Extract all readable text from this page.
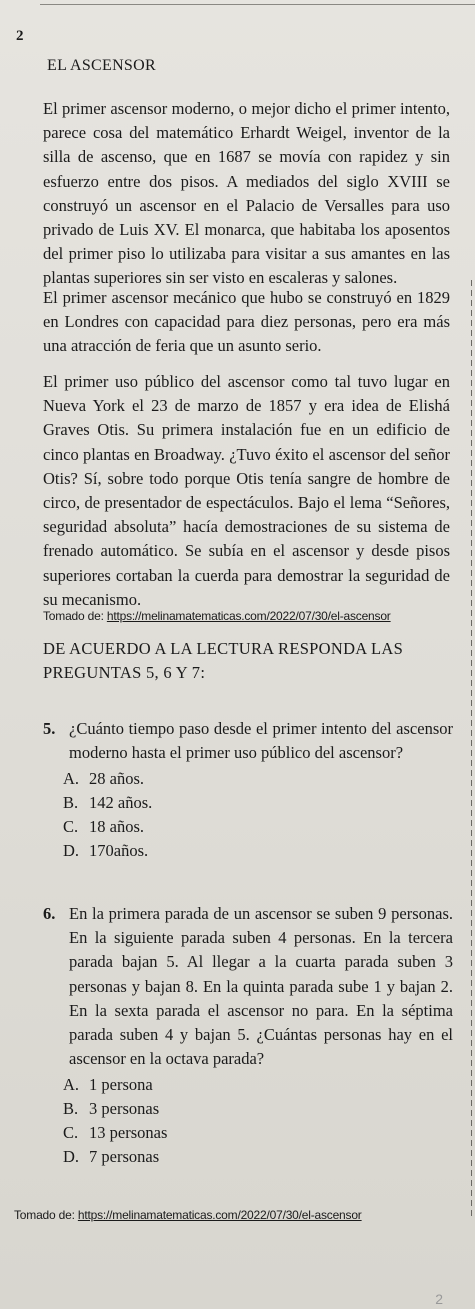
2
EL ASCENSOR
El primer ascensor moderno, o mejor dicho el primer intento, parece cosa del matemático Erhardt Weigel, inventor de la silla de ascenso, que en 1687 se movía con rapidez y sin esfuerzo entre dos pisos. A mediados del siglo XVIII se construyó un ascensor en el Palacio de Versalles para uso privado de Luis XV. El monarca, que habitaba los aposentos del primer piso lo utilizaba para visitar a sus amantes en las plantas superiores sin ser visto en escaleras y salones.
El primer ascensor mecánico que hubo se construyó en 1829 en Londres con capacidad para diez personas, pero era más una atracción de feria que un asunto serio.
El primer uso público del ascensor como tal tuvo lugar en Nueva York el 23 de marzo de 1857 y era idea de Elishá Graves Otis. Su primera instalación fue en un edificio de cinco plantas en Broadway. ¿Tuvo éxito el ascensor del señor Otis? Sí, sobre todo porque Otis tenía sangre de hombre de circo, de presentador de espectáculos. Bajo el lema “Señores, seguridad absoluta” hacía demostraciones de su sistema de frenado automático. Se subía en el ascensor y desde pisos superiores cortaban la cuerda para demostrar la seguridad de su mecanismo.
Tomado de: https://melinamatematicas.com/2022/07/30/el-ascensor
DE ACUERDO A LA LECTURA RESPONDA LAS PREGUNTAS 5, 6 Y 7:
5. ¿Cuánto tiempo paso desde el primer intento del ascensor moderno hasta el primer uso público del ascensor?
A. 28 años.
B. 142 años.
C. 18 años.
D. 170años.
6. En la primera parada de un ascensor se suben 9 personas. En la siguiente parada suben 4 personas. En la tercera parada bajan 5. Al llegar a la cuarta parada suben 3 personas y bajan 8. En la quinta parada sube 1 y bajan 2. En la sexta parada el ascensor no para. En la séptima parada suben 4 y bajan 5. ¿Cuántas personas hay en el ascensor en la octava parada?
A. 1 persona
B. 3 personas
C. 13 personas
D. 7 personas
Tomado de: https://melinamatematicas.com/2022/07/30/el-ascensor
2
